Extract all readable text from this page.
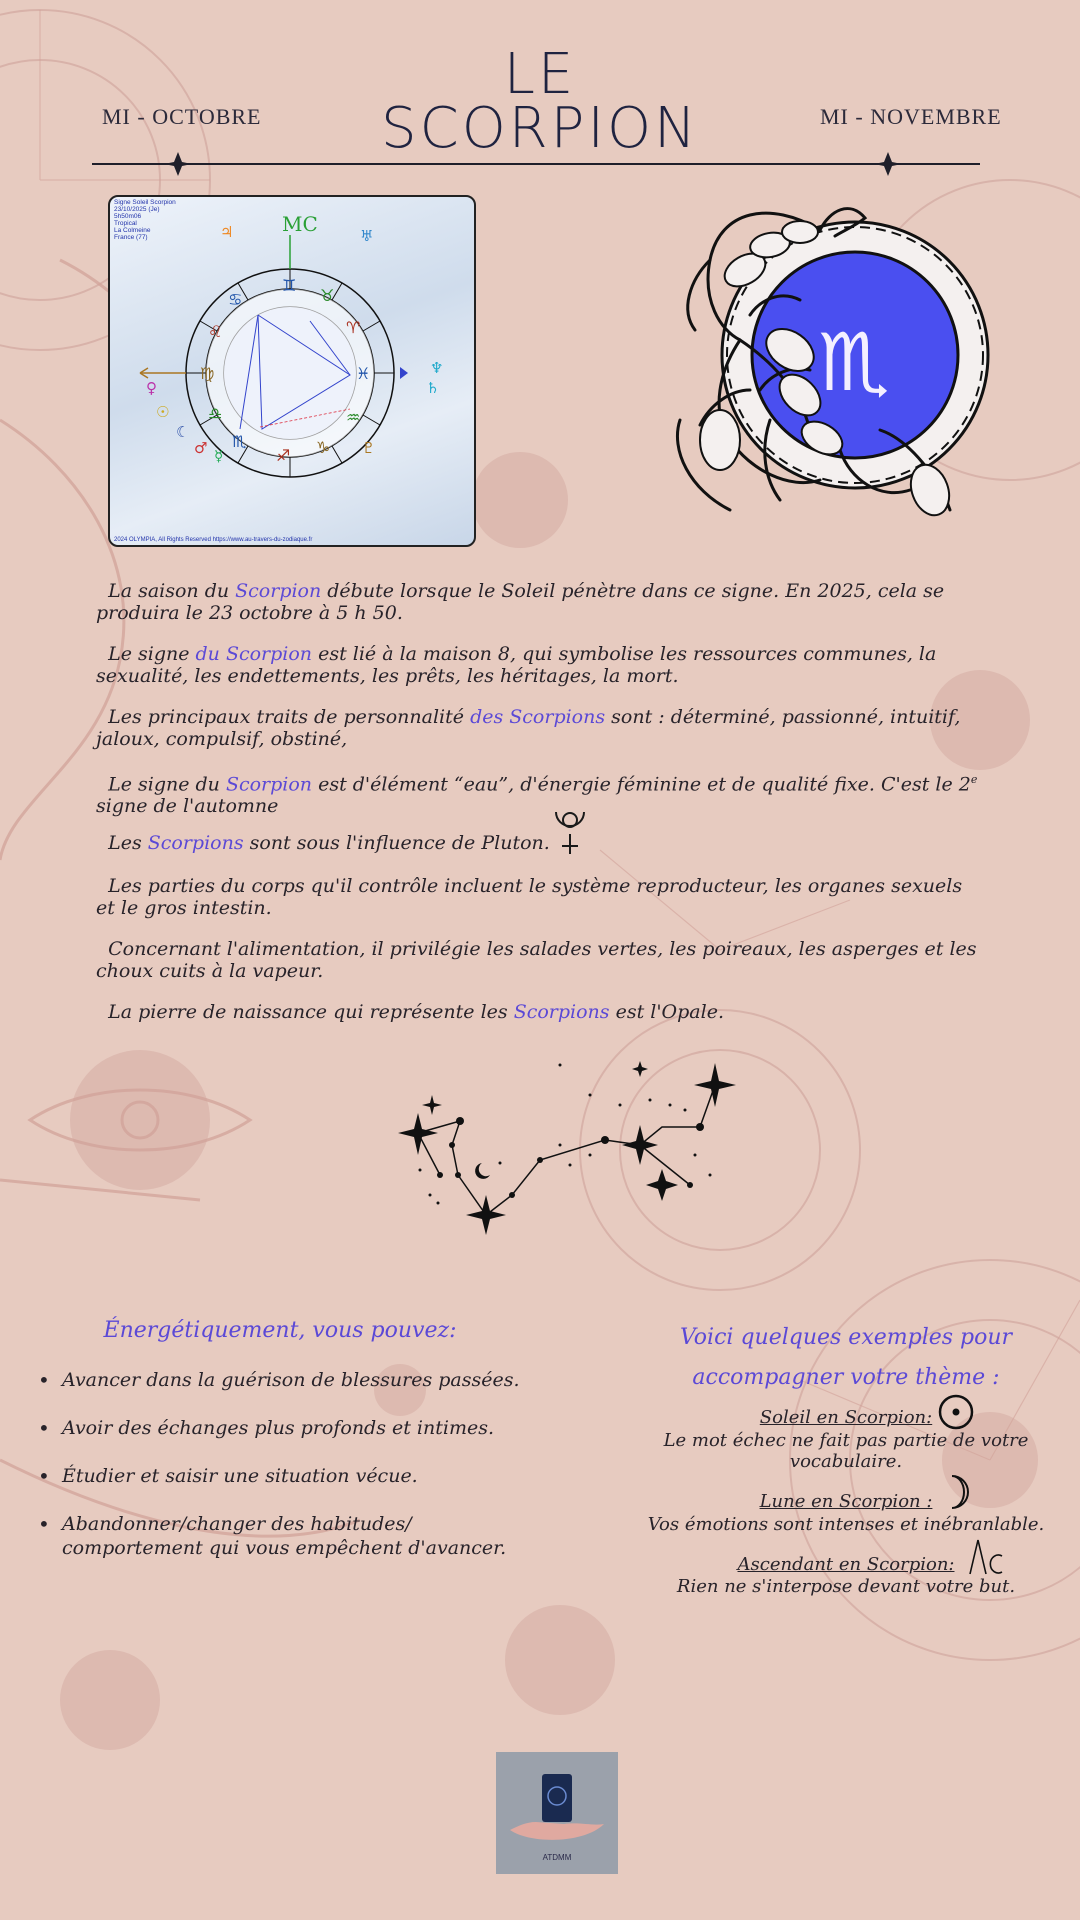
MI - OCTOBRE
LE
SCORPION	MI - NOVEMBRE
Signe Soleil Scorpion
23/10/2025 (Je)
5h50m06
Tropical
La Colmeine
France (77)
MC
♊
♉
♈
♓
♒
♑
♐
♏
♎
♍
♌
♋
♃	♅
♆
♄
♀
☉
☾
♂ ☿	♇
2024 OLYMPIA, All Rights Reserved https://www.au-travers-du-zodiaque.fr
♏
La saison du Scorpion débute lorsque le Soleil pénètre dans ce signe. En 2025, cela se produira le 23 octobre à 5 h 50.
Le signe du Scorpion est lié à la maison 8, qui symbolise les ressources communes, la sexualité, les endettements, les prêts, les héritages, la mort.
Les principaux traits de personnalité des Scorpions sont : déterminé, passionné, intuitif, jaloux, compulsif, obstiné,
Le signe du Scorpion est d'élément “eau”, d'énergie féminine et de qualité fixe. C'est le 2e signe de l'automne
Les Scorpions sont sous l'influence de Pluton.
Les parties du corps qu'il contrôle incluent le système reproducteur, les organes sexuels et le gros intestin.
Concernant l'alimentation, il privilégie les salades vertes, les poireaux, les asperges et les choux cuits à la vapeur.
La pierre de naissance qui représente les Scorpions est l'Opale.
Énergétiquement, vous pouvez:
• Avancer dans la guérison de blessures passées.
• Avoir des échanges plus profonds et intimes.
• Étudier et saisir une situation vécue.
• Abandonner/changer des habitudes/ comportement qui vous empêchent d'avancer.
Voici quelques exemples pour
accompagner votre thème :
Soleil en Scorpion:
Le mot échec ne fait pas partie de votre vocabulaire.
Lune en Scorpion :
Vos émotions sont intenses et inébranlable.
Ascendant en Scorpion:
Rien ne s'interpose devant votre but.
ATDMM
